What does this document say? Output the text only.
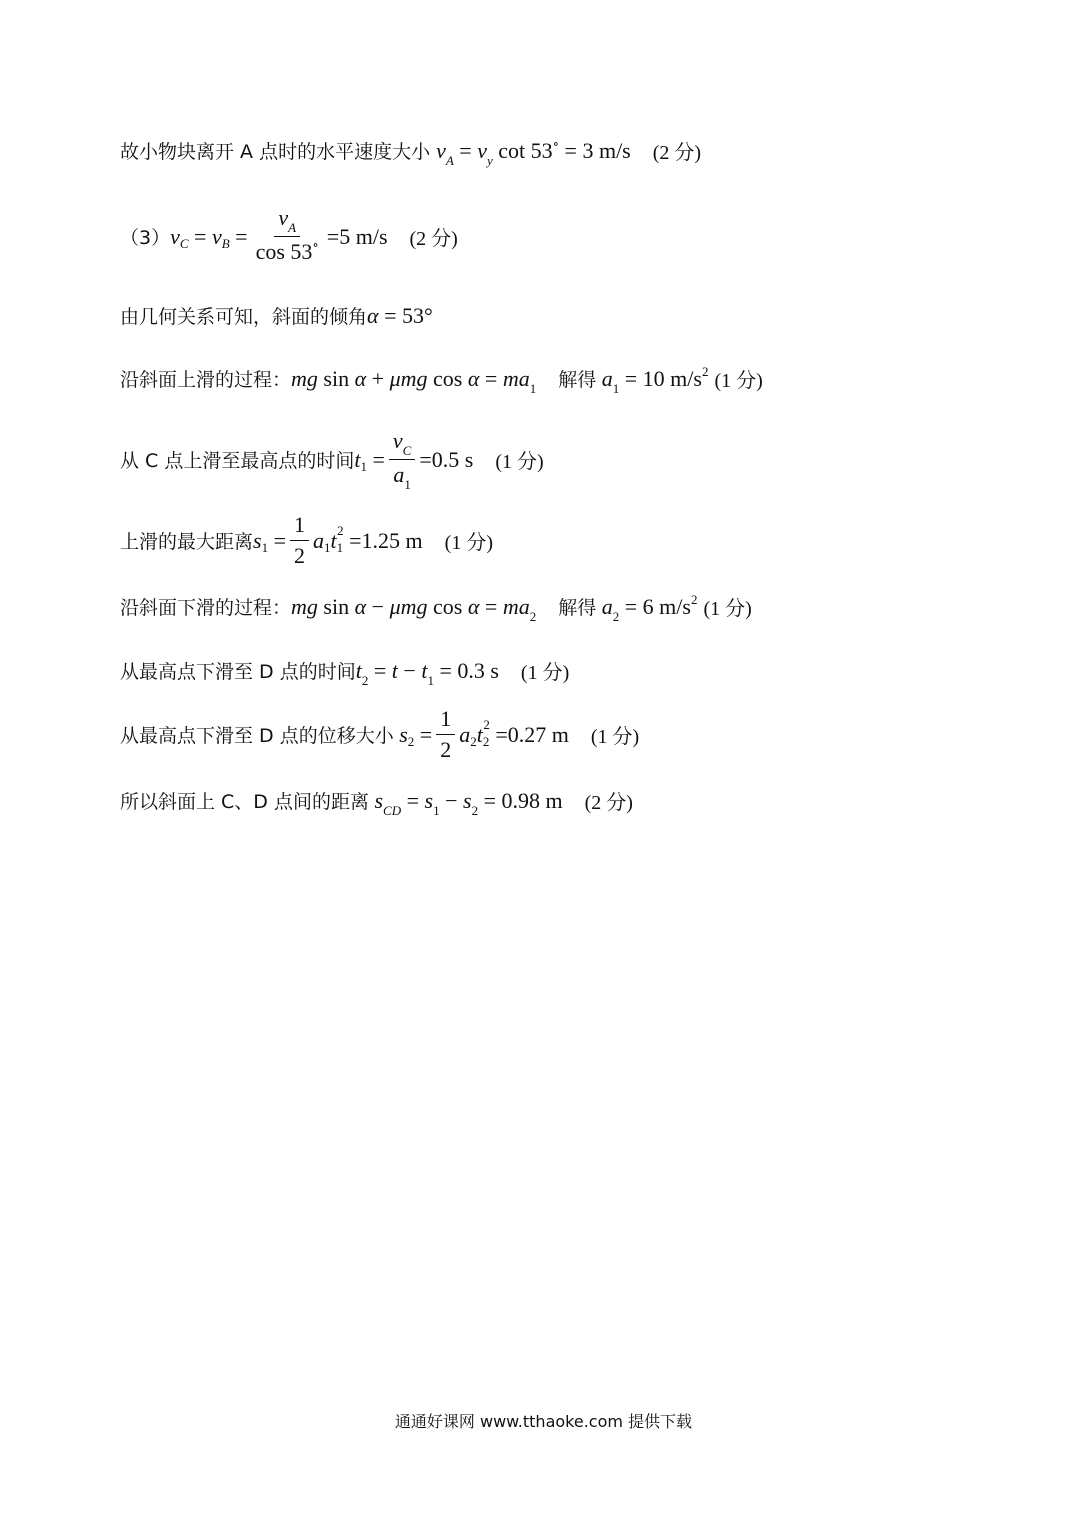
故小物块离开 A 点时的水平速度大小 $v_A = v_y$ cot 53∘ = 3 m/s (2 分)
（3） v C = v $B = \frac{v_A}{\cos 53^\circ} = 5$ m/s (2 分)
由几何关系可知，斜面的倾角 α = 53°
沿斜面上滑的过程： mg sin α + μmg $\cos \alpha = ma_1$ 解得 $a_1 = 10$ $m/s^2$ (1 分)
从 C 点上滑至最高点的时间 t $1 = \frac{v_C}{a_1} = 0.5$ s (1 分)
上滑的最大距离 s $1 = \frac{1}{2}$ a 1 t 1
2 = 1.25 m (1 分)
沿斜面下滑的过程： mg sin α − μmg $\cos \alpha = ma_2$ 解得 $a_2 = 6$ $m/s^2$ (1 分)
从最高点下滑至 D 点的时间 $t_2 = t - t_1 = 0.3$ s (1 分)
从最高点下滑至 D 点的位移大小
s $2 = \frac{1}{2}$ a 2 t 2
2 = 0.27 m (1 分)
所以斜面上 C、D 点间的距离 $s_{CD} = s_1 - s_2 = 0.98$ m (2 分)
通通好课网 www.tthaoke.com 提供下载
